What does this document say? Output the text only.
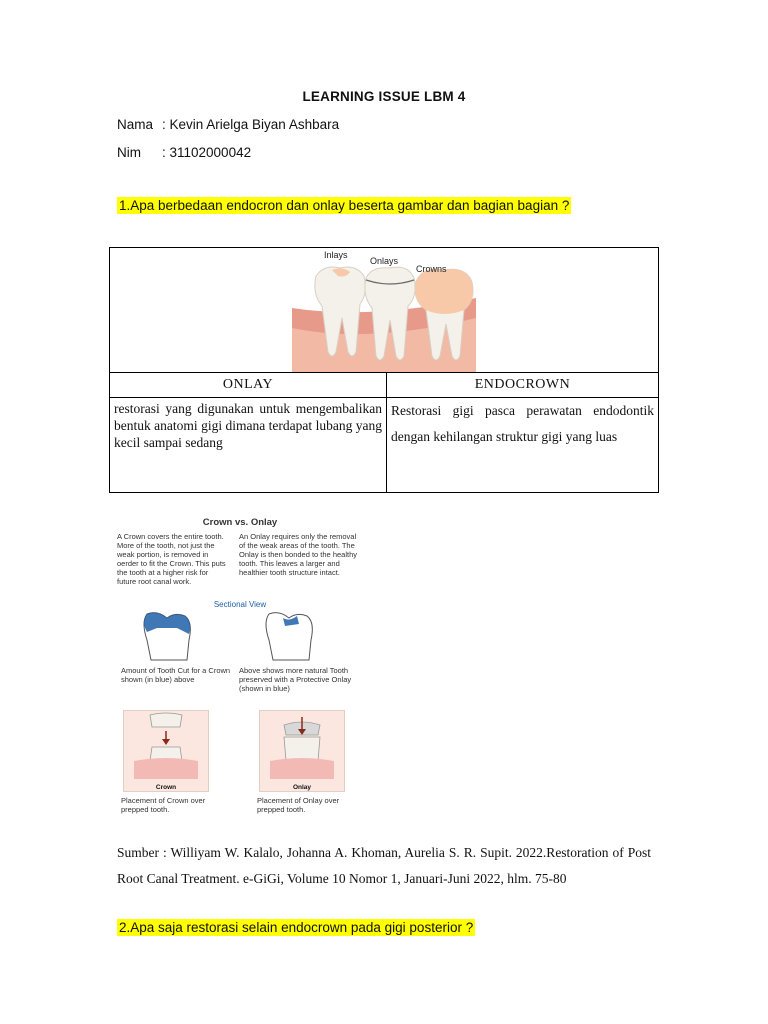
LEARNING ISSUE LBM 4
Nama : Kevin Arielga Biyan Ashbara
Nim : 31102000042
1.Apa berbedaan endocron dan onlay beserta gambar dan bagian bagian ?
Inlays
Onlays
Crowns	

ONLAY	ENDOCROWN
restorasi yang digunakan untuk mengembalikan bentuk anatomi gigi dimana terdapat lubang yang kecil sampai sedang	Restorasi gigi pasca perawatan endodontik dengan kehilangan struktur gigi yang luas
Crown vs. Onlay
A Crown covers the entire tooth. More of the tooth, not just the weak portion, is removed in oerder to fit the Crown. This puts the tooth at a higher risk for future root canal work.
An Onlay requires only the removal of the weak areas of the tooth. The Onlay is then bonded to the healthy tooth. This leaves a larger and healthier tooth structure intact.
Sectional View
Amount of Tooth Cut for a Crown shown (in blue) above
Above shows more natural Tooth preserved with a Protective Onlay (shown in blue)
Crown	Onlay
Placement of Crown over prepped tooth.
Placement of Onlay over prepped tooth.
Sumber : Williyam W. Kalalo, Johanna A. Khoman, Aurelia S. R. Supit. 2022.Restoration of Post Root Canal Treatment. e-GiGi, Volume 10 Nomor 1, Januari-Juni 2022, hlm. 75-80
2.Apa saja restorasi selain endocrown pada gigi posterior ?
